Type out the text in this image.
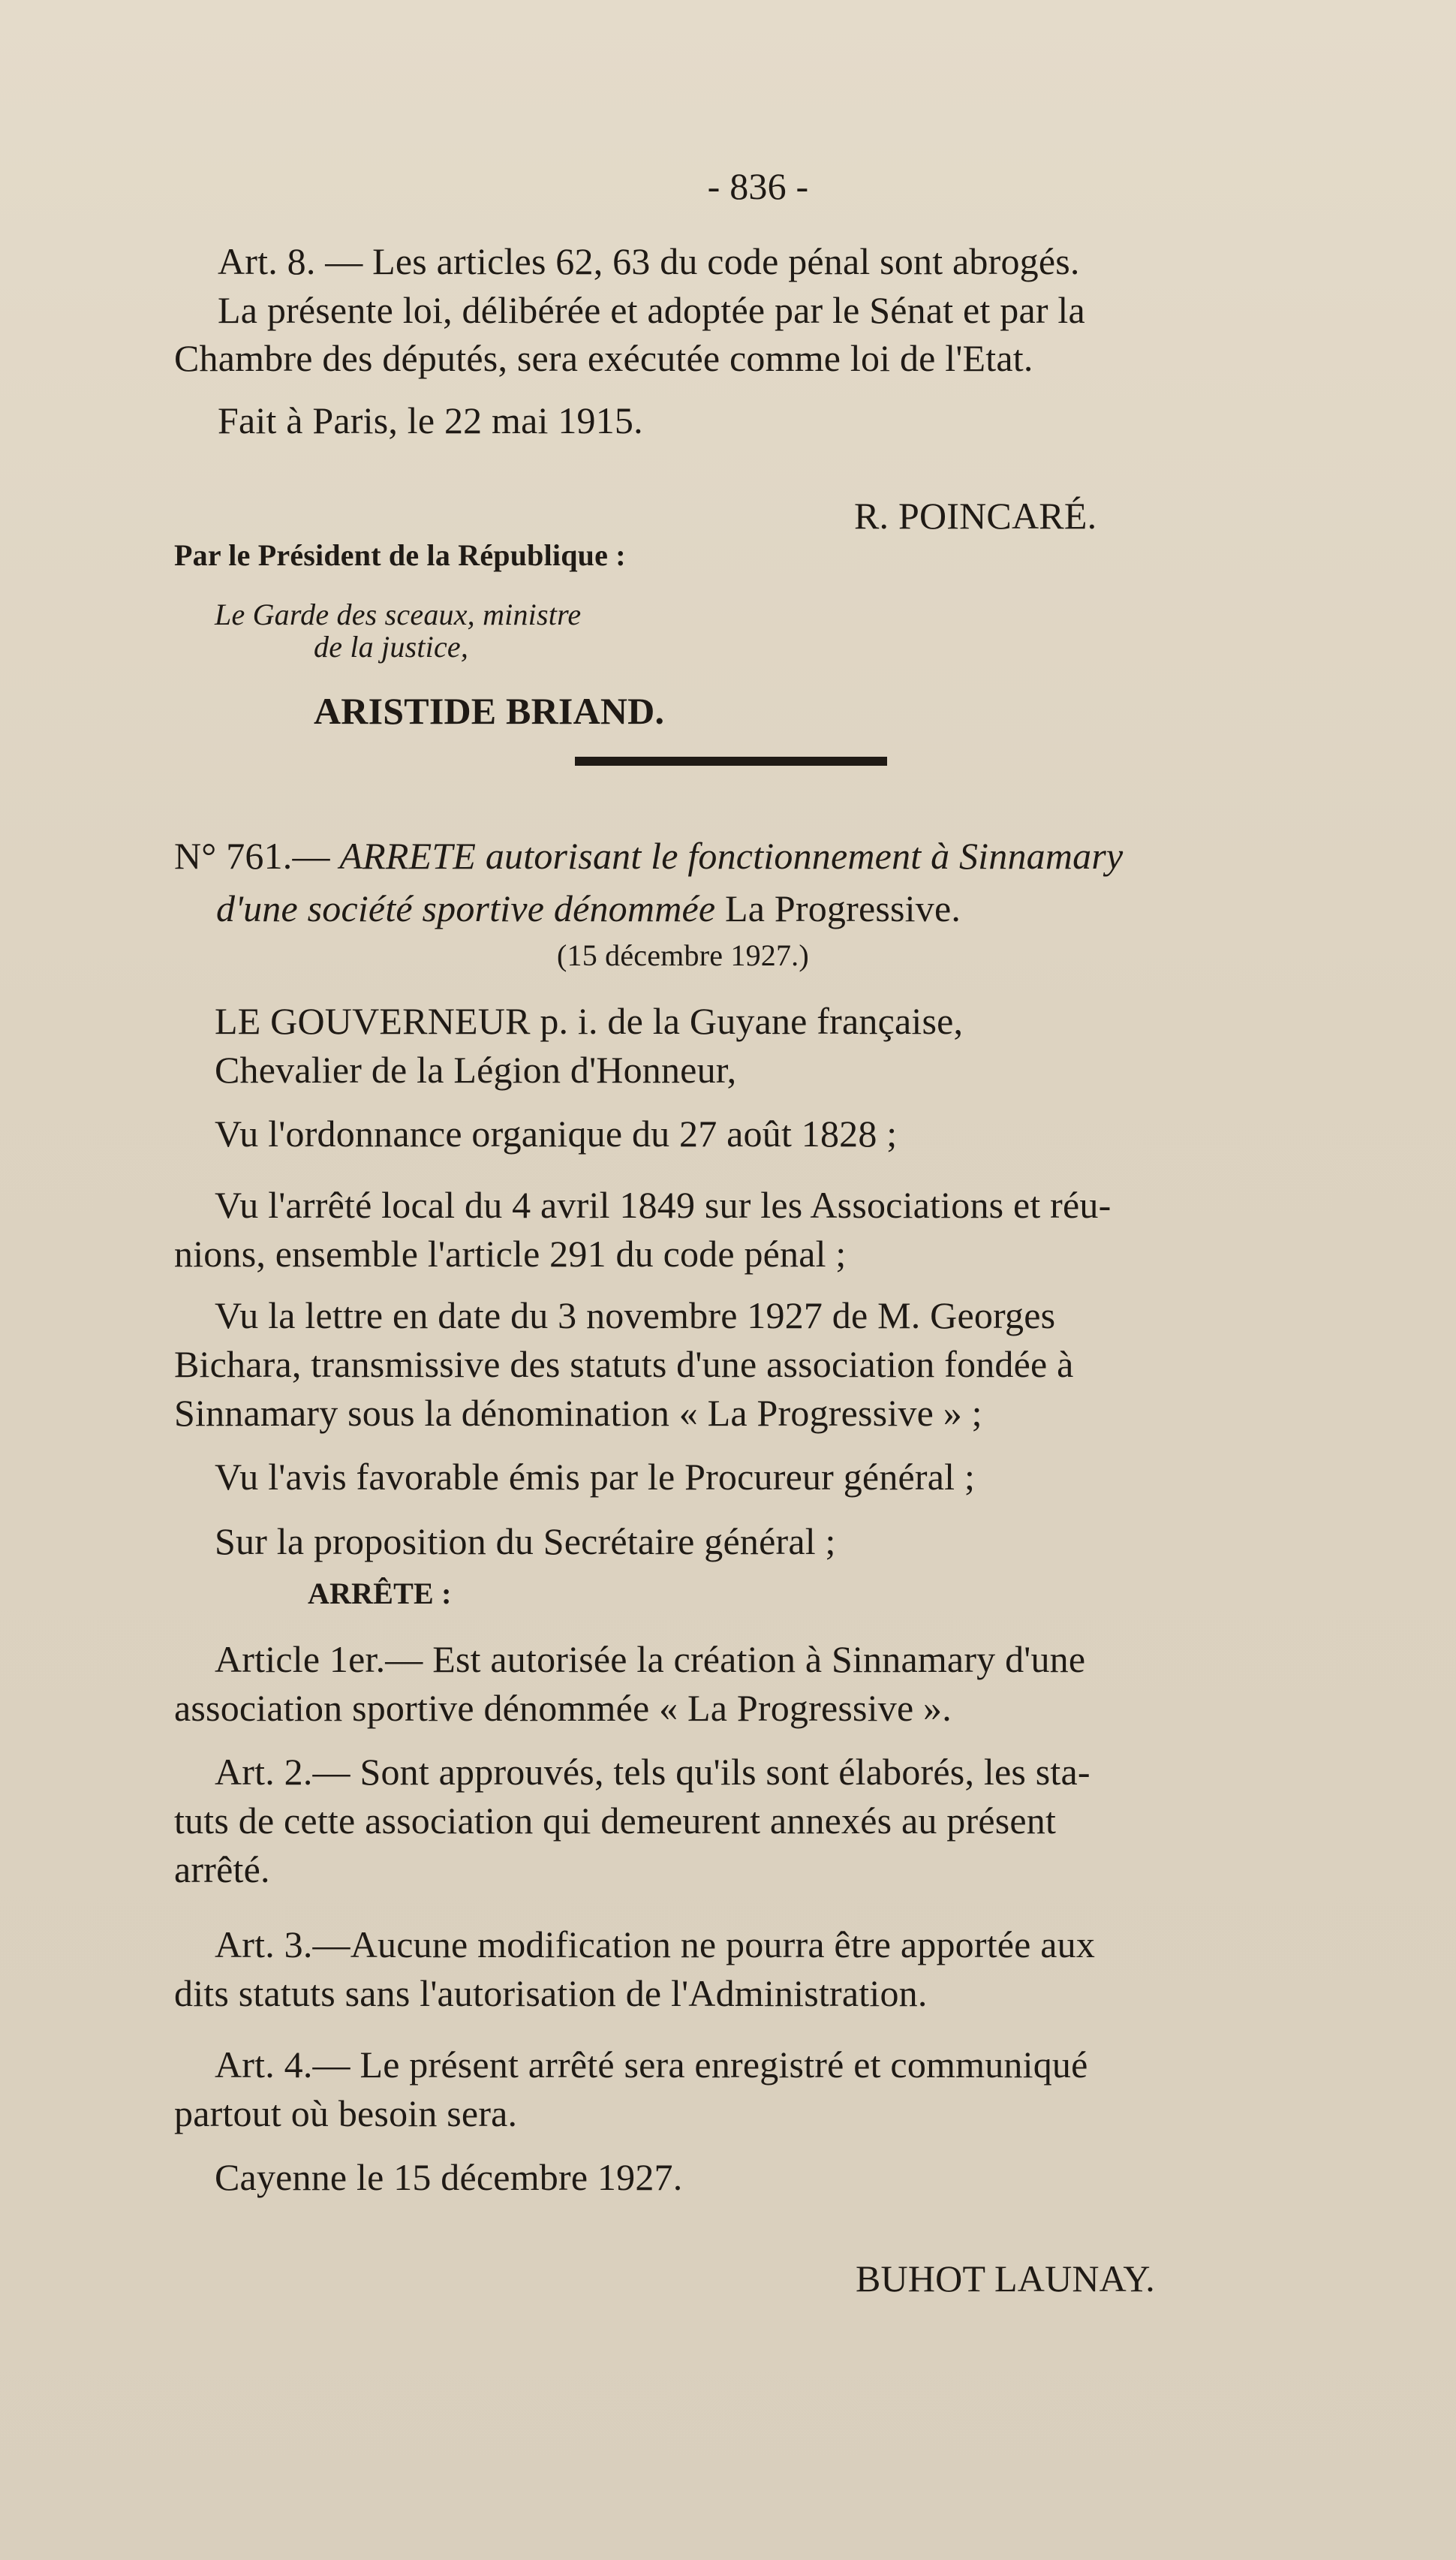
- 836 -
Art. 8. — Les articles 62, 63 du code pénal sont abrogés.
La présente loi, délibérée et adoptée par le Sénat et par la
Chambre des députés, sera exécutée comme loi de l'Etat.
Fait à Paris, le 22 mai 1915.
R. POINCARÉ.
Par le Président de la République :
Le Garde des sceaux, ministre
de la justice,
ARISTIDE BRIAND.
N° 761.— ARRETE autorisant le fonctionnement à Sinnamary
d'une société sportive dénommée La Progressive.
(15 décembre 1927.)
LE GOUVERNEUR p. i. de la Guyane française,
Chevalier de la Légion d'Honneur,
Vu l'ordonnance organique du 27 août 1828 ;
Vu l'arrêté local du 4 avril 1849 sur les Associations et réu-
nions, ensemble l'article 291 du code pénal ;
Vu la lettre en date du 3 novembre 1927 de M. Georges
Bichara, transmissive des statuts d'une association fondée à
Sinnamary sous la dénomination « La Progressive » ;
Vu l'avis favorable émis par le Procureur général ;
Sur la proposition du Secrétaire général ;
ARRÊTE :
Article 1er.— Est autorisée la création à Sinnamary d'une
association sportive dénommée « La Progressive ».
Art. 2.— Sont approuvés, tels qu'ils sont élaborés, les sta-
tuts de cette association qui demeurent annexés au présent
arrêté.
Art. 3.—Aucune modification ne pourra être apportée aux
dits statuts sans l'autorisation de l'Administration.
Art. 4.— Le présent arrêté sera enregistré et communiqué
partout où besoin sera.
Cayenne le 15 décembre 1927.
BUHOT LAUNAY.
